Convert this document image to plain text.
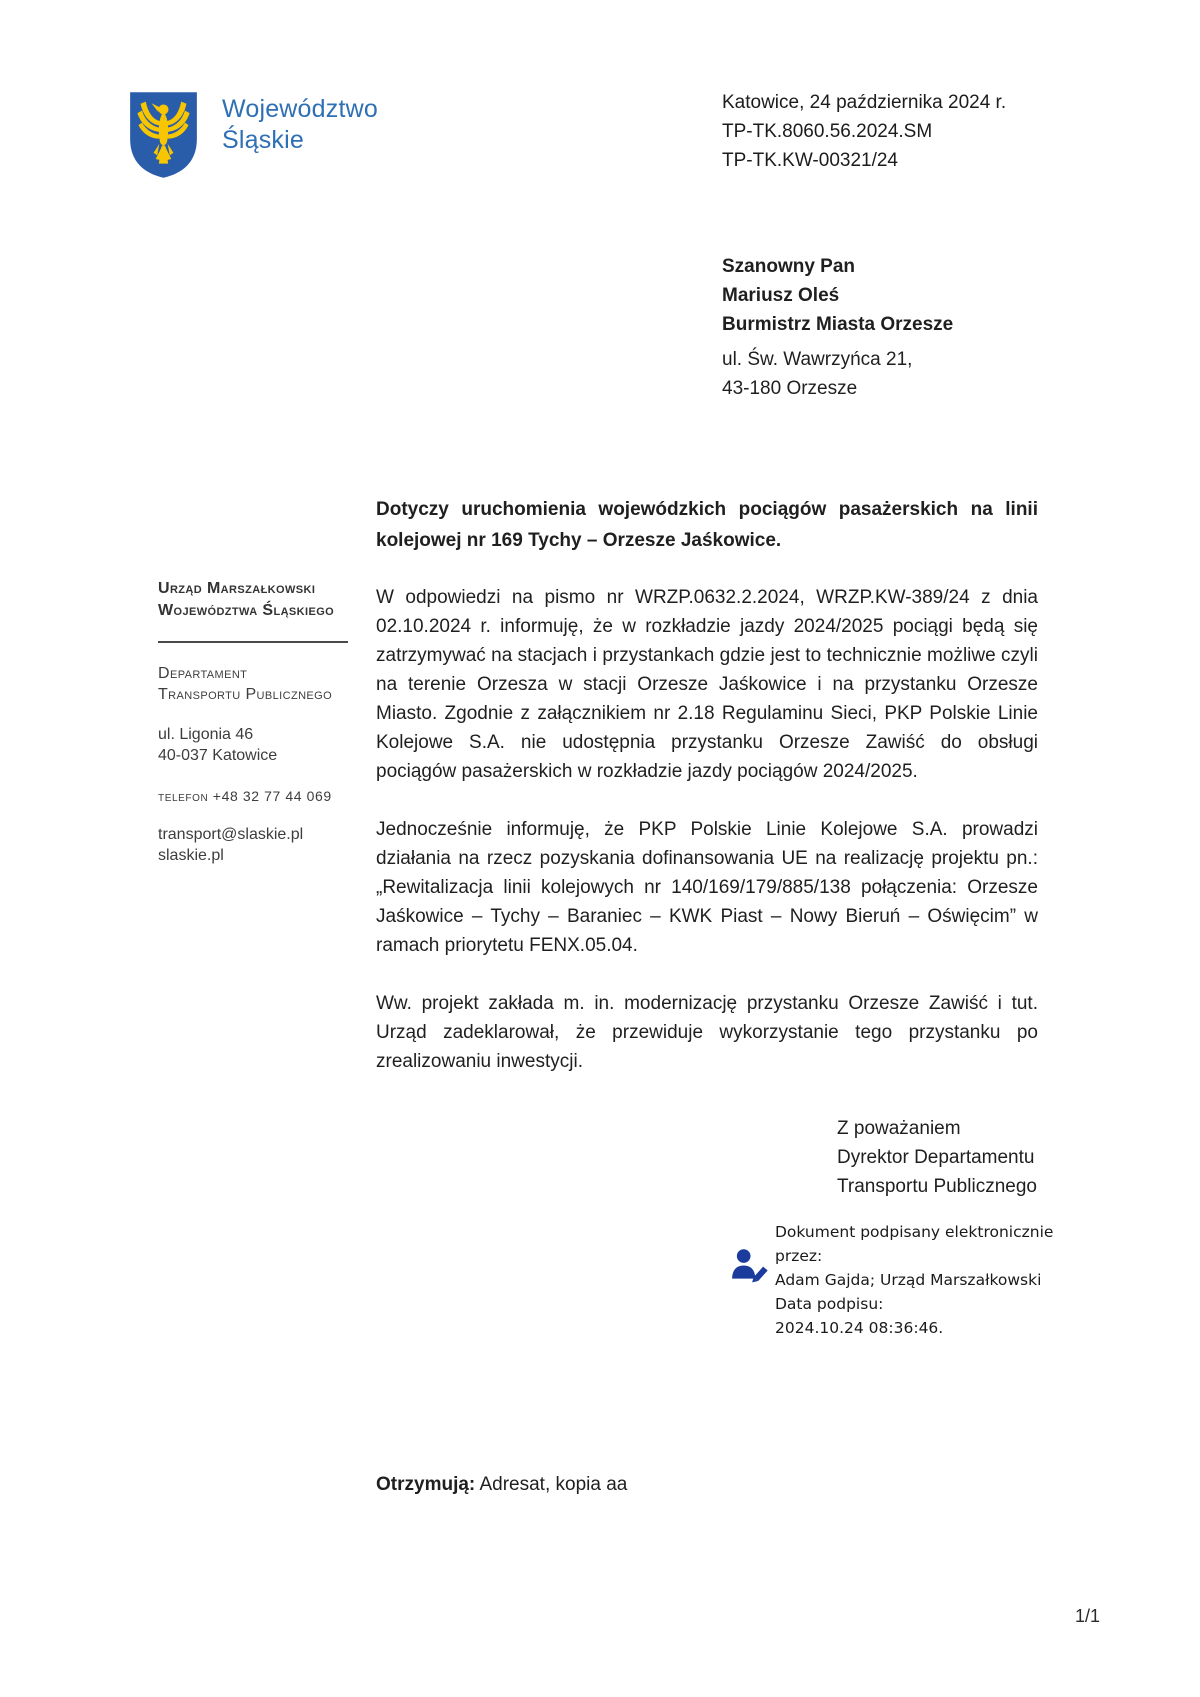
Województwo
Śląskie
Katowice, 24 października 2024 r.
TP-TK.8060.56.2024.SM
TP-TK.KW-00321/24
Szanowny Pan
Mariusz Oleś
Burmistrz Miasta Orzesze
ul. Św. Wawrzyńca 21,
43-180 Orzesze
Urząd Marszałkowski
Województwa Śląskiego
Departament
Transportu Publicznego
ul. Ligonia 46
40-037 Katowice
telefon +48 32 77 44 069
transport@slaskie.pl
slaskie.pl
Dotyczy uruchomienia wojewódzkich pociągów pasażerskich na linii kolejowej nr 169 Tychy – Orzesze Jaśkowice.

W odpowiedzi na pismo nr WRZP.0632.2.2024, WRZP.KW-389/24 z dnia 02.10.2024 r. informuję, że w rozkładzie jazdy 2024/2025 pociągi będą się zatrzymywać na stacjach i przystankach gdzie jest to technicznie możliwe czyli na terenie Orzesza w stacji Orzesze Jaśkowice i na przystanku Orzesze Miasto. Zgodnie z załącznikiem nr 2.18 Regulaminu Sieci, PKP Polskie Linie Kolejowe S.A. nie udostępnia przystanku Orzesze Zawiść do obsługi pociągów pasażerskich w rozkładzie jazdy pociągów 2024/2025.

Jednocześnie informuję, że PKP Polskie Linie Kolejowe S.A. prowadzi działania na rzecz pozyskania dofinansowania UE na realizację projektu pn.: „Rewitalizacja linii kolejowych nr 140/169/179/885/138 połączenia: Orzesze Jaśkowice – Tychy – Baraniec – KWK Piast – Nowy Bieruń – Oświęcim” w ramach priorytetu FENX.05.04.

Ww. projekt zakłada m. in. modernizację przystanku Orzesze Zawiść i tut. Urząd zadeklarował, że przewiduje wykorzystanie tego przystanku po zrealizowaniu inwestycji.

Z poważaniem
Dyrektor Departamentu
Transportu Publicznego
Dokument podpisany elektronicznie przez:
Adam Gajda; Urząd Marszałkowski
Data podpisu:
2024.10.24 08:36:46.
Otrzymują: Adresat, kopia aa
1/1
